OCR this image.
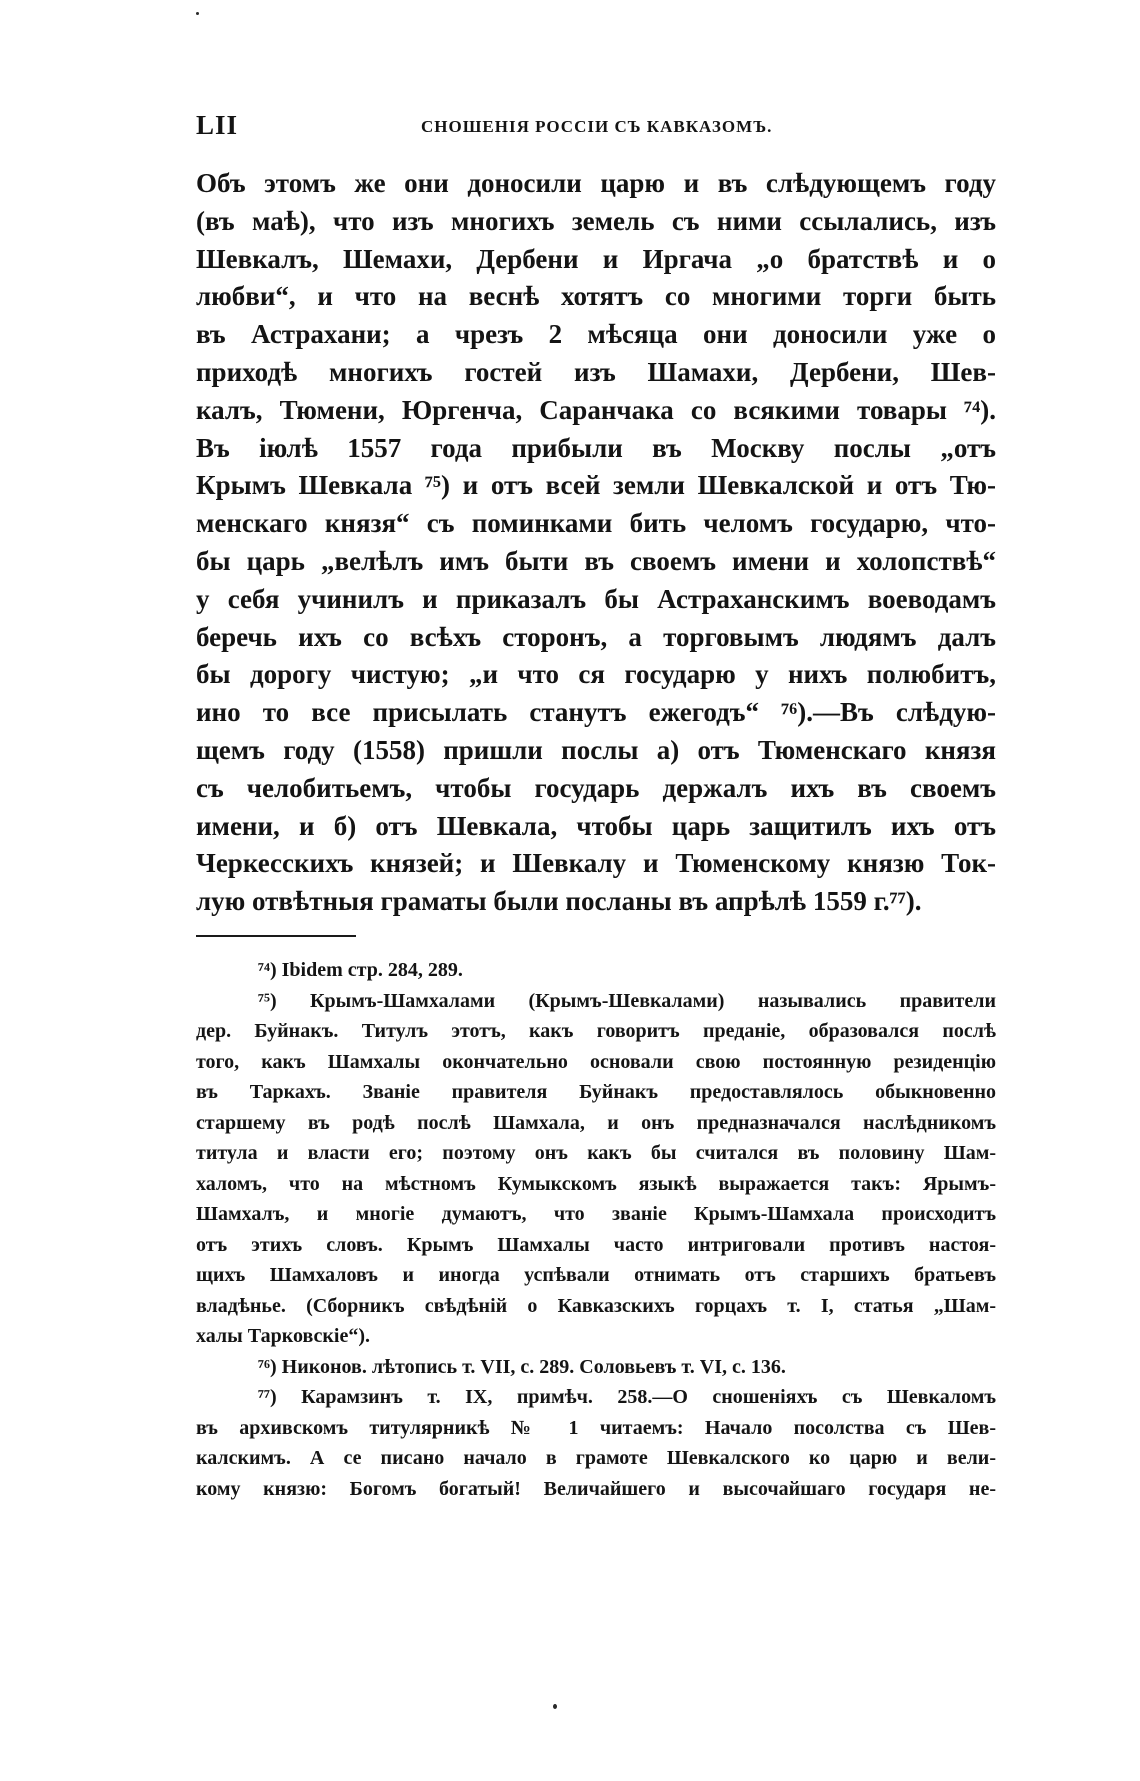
LII	СНОШЕНІЯ РОССІИ СЪ КАВКАЗОМЪ.
Объ этомъ же они доносили царю и въ слѣдующемъ году
(въ маѣ), что изъ многихъ земель съ ними ссылались, изъ
Шевкалъ, Шемахи, Дербени и Иргача „о братствѣ и о
любви“, и что на веснѣ хотятъ со многими торги быть
въ Астрахани; а чрезъ 2 мѣсяца они доносили уже о
приходѣ многихъ гостей изъ Шамахи, Дербени, Шев-
калъ, Тюмени, Юргенча, Саранчака со всякими товары ⁷⁴).
Въ іюлѣ 1557 года прибыли въ Москву послы „отъ
Крымъ Шевкала ⁷⁵) и отъ всей земли Шевкалской и отъ Тю-
менскаго князя“ съ поминками бить челомъ государю, что-
бы царь „велѣлъ имъ быти въ своемъ имени и холопствѣ“
у себя учинилъ и приказалъ бы Астраханскимъ воеводамъ
беречь ихъ со всѣхъ сторонъ, а торговымъ людямъ далъ
бы дорогу чистую; „и что ся государю у нихъ полюбитъ,
ино то все присылать станутъ ежегодъ“ ⁷⁶).—Въ слѣдую-
щемъ году (1558) пришли послы а) отъ Тюменскаго князя
съ челобитьемъ, чтобы государь держалъ ихъ въ своемъ
имени, и б) отъ Шевкала, чтобы царь защитилъ ихъ отъ
Черкесскихъ князей; и Шевкалу и Тюменскому князю Ток-
лую отвѣтныя граматы были посланы въ апрѣлѣ 1559 г.⁷⁷).
⁷⁴) Ibidem стр. 284, 289.
⁷⁵) Крымъ-Шамхалами (Крымъ-Шевкалами) назывались правители
дер. Буйнакъ. Титулъ этотъ, какъ говоритъ преданіе, образовался послѣ
того, какъ Шамхалы окончательно основали свою постоянную резиденцію
въ Таркахъ. Званіе правителя Буйнакъ предоставлялось обыкновенно
старшему въ родѣ послѣ Шамхала, и онъ предназначался наслѣдникомъ
титула и власти его; поэтому онъ какъ бы считался въ половину Шам-
халомъ, что на мѣстномъ Кумыкскомъ языкѣ выражается такъ: Ярымъ-
Шамхалъ, и многіе думаютъ, что званіе Крымъ-Шамхала происходитъ
отъ этихъ словъ. Крымъ Шамхалы часто интриговали противъ настоя-
щихъ Шамхаловъ и иногда успѣвали отнимать отъ старшихъ братьевъ
владѣнье. (Сборникъ свѣдѣній о Кавказскихъ горцахъ т. I, статья „Шам-
халы Тарковскіе“).
⁷⁶) Никонов. лѣтопись т. VII, с. 289. Соловьевъ т. VI, с. 136.
⁷⁷) Карамзинъ т. IX, примѣч. 258.—О сношеніяхъ съ Шевкаломъ
въ архивскомъ титулярникѣ № 1 читаемъ: Начало посолства съ Шев-
калскимъ. А се писано начало в грамоте Шевкалского ко царю и вели-
кому князю: Богомъ богатый! Величайшего и высочайшаго государя не-
